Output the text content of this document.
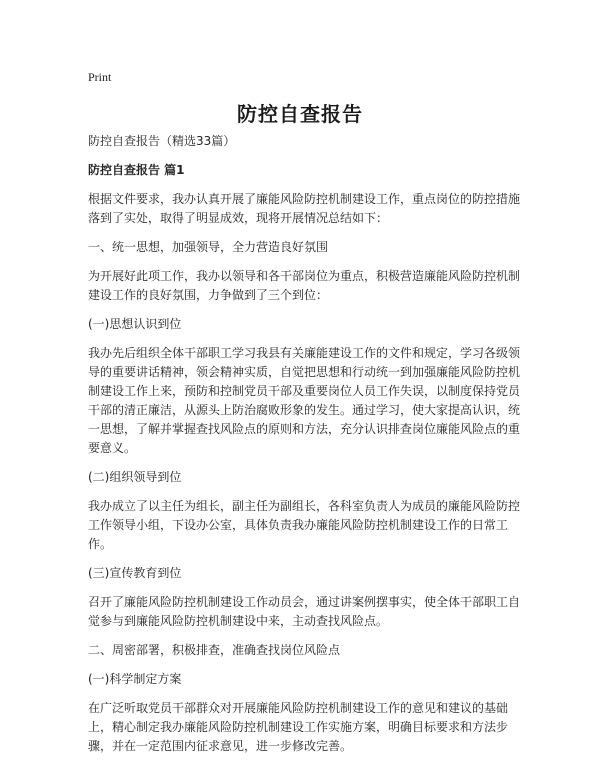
Print
防控自查报告

防控自查报告（精选33篇）

防控自查报告 篇1

根据文件要求，我办认真开展了廉能风险防控机制建设工作，重点岗位的防控措施落到了实处，取得了明显成效，现将开展情况总结如下：

一、统一思想，加强领导，全力营造良好氛围

为开展好此项工作，我办以领导和各干部岗位为重点，积极营造廉能风险防控机制建设工作的良好氛围，力争做到了三个到位：

(一)思想认识到位

我办先后组织全体干部职工学习我县有关廉能建设工作的文件和规定，学习各级领导的重要讲话精神，领会精神实质，自觉把思想和行动统一到加强廉能风险防控机制建设工作上来，预防和控制党员干部及重要岗位人员工作失误，以制度保持党员干部的清正廉洁，从源头上防治腐败形象的发生。通过学习，使大家提高认识，统一思想，了解并掌握查找风险点的原则和方法，充分认识排查岗位廉能风险点的重要意义。

(二)组织领导到位

我办成立了以主任为组长，副主任为副组长，各科室负责人为成员的廉能风险防控工作领导小组，下设办公室，具体负责我办廉能风险防控机制建设工作的日常工作。

(三)宣传教育到位

召开了廉能风险防控机制建设工作动员会，通过讲案例摆事实，使全体干部职工自觉参与到廉能风险防控机制建设中来，主动查找风险点。

二、周密部署，积极排查，准确查找岗位风险点

(一)科学制定方案

在广泛听取党员干部群众对开展廉能风险防控机制建设工作的意见和建议的基础上，精心制定我办廉能风险防控机制建设工作实施方案，明确目标要求和方法步骤，并在一定范围内征求意见，进一步修改完善。
